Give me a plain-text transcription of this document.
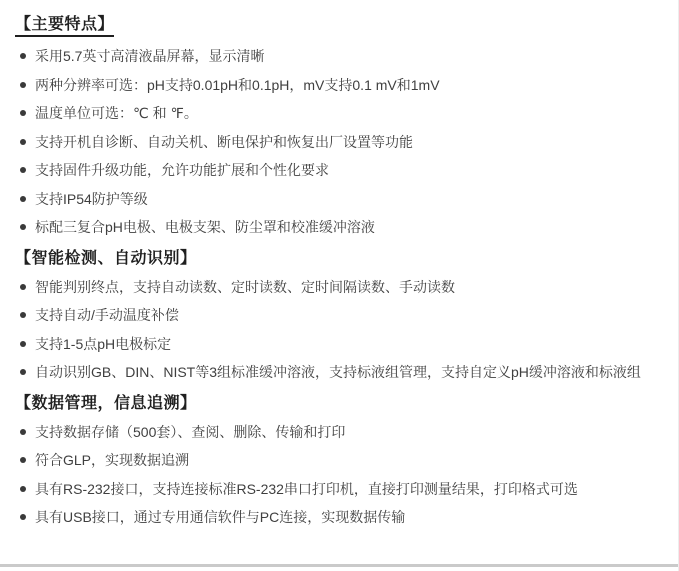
【主要特点】
采用5.7英寸高清液晶屏幕，显示清晰
两种分辨率可选：pH支持0.01pH和0.1pH，mV支持0.1 mV和1mV
温度单位可选：℃ 和 ℉。
支持开机自诊断、自动关机、断电保护和恢复出厂设置等功能
支持固件升级功能，允许功能扩展和个性化要求
支持IP54防护等级
标配三复合pH电极、电极支架、防尘罩和校准缓冲溶液
【智能检测、自动识别】
智能判别终点，支持自动读数、定时读数、定时间隔读数、手动读数
支持自动/手动温度补偿
支持1-5点pH电极标定
自动识别GB、DIN、NIST等3组标准缓冲溶液，支持标液组管理，支持自定义pH缓冲溶液和标液组
【数据管理，信息追溯】
支持数据存储（500套）、查阅、删除、传输和打印
符合GLP，实现数据追溯
具有RS-232接口，支持连接标准RS-232串口打印机，直接打印测量结果，打印格式可选
具有USB接口，通过专用通信软件与PC连接，实现数据传输
